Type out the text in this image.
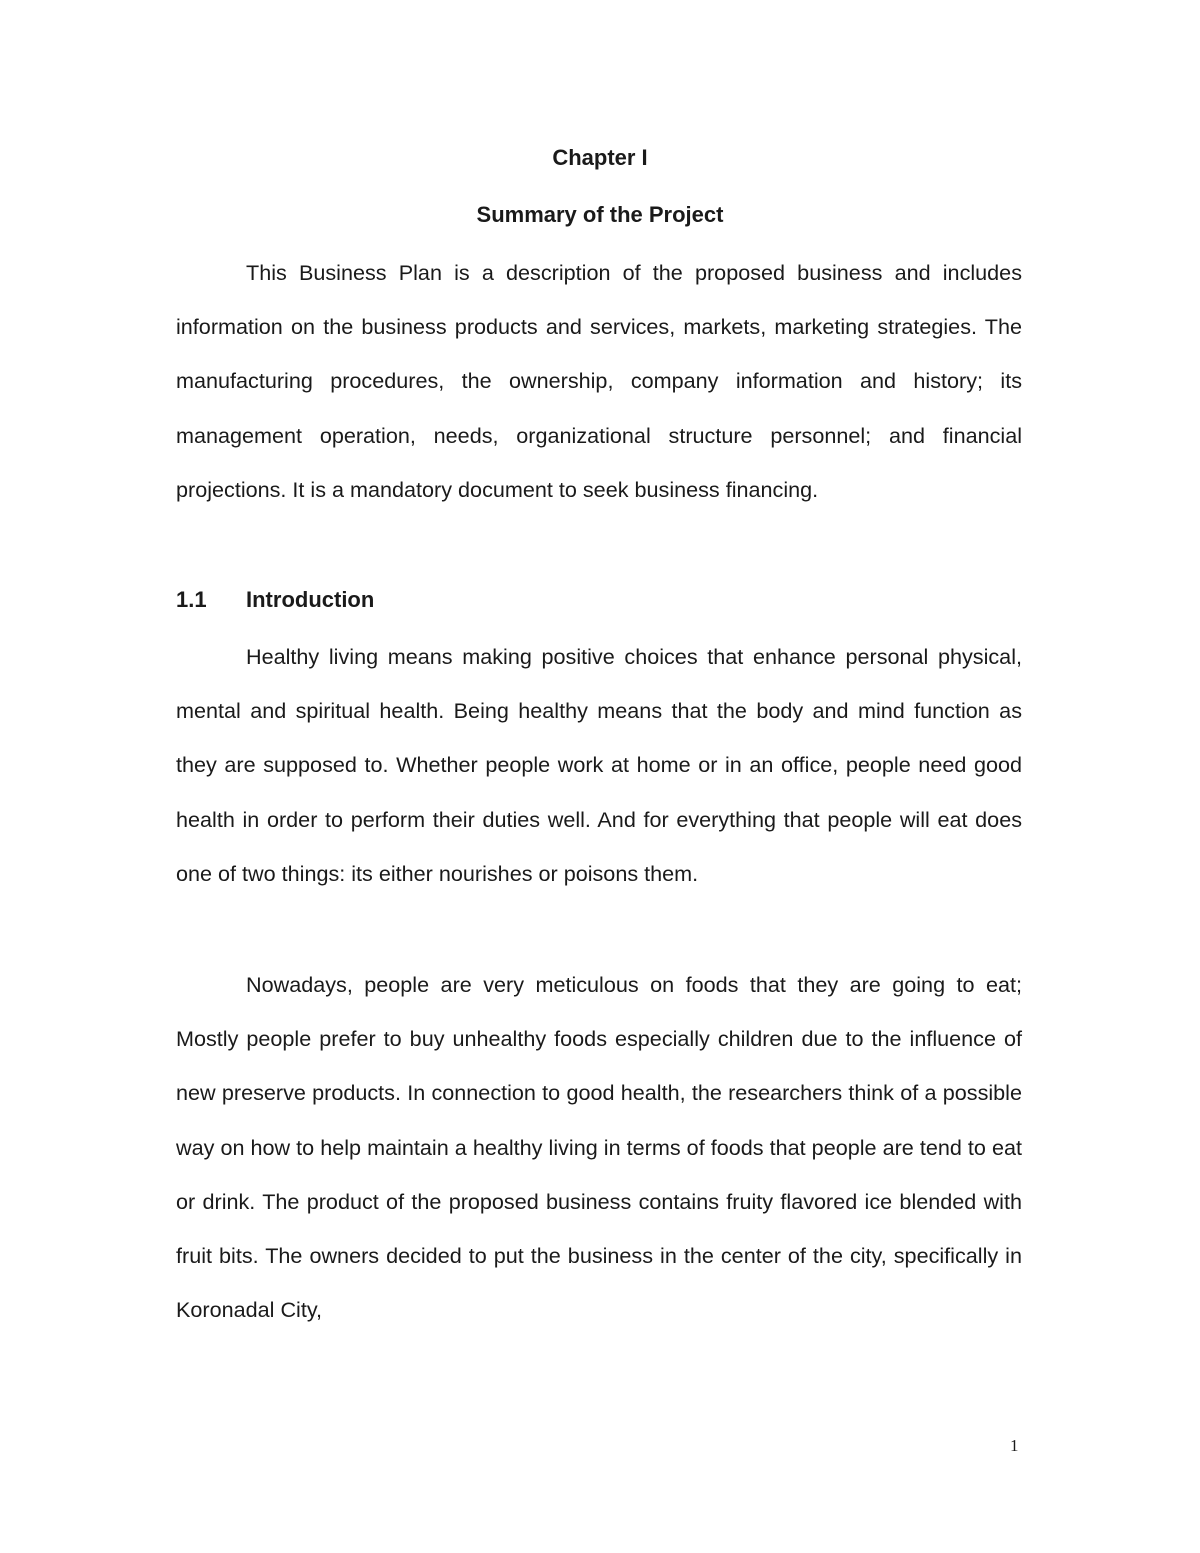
Chapter I
Summary of the Project

This Business Plan is a description of the proposed business and includes information on the business products and services, markets, marketing strategies. The manufacturing procedures, the ownership, company information and history; its management operation, needs, organizational structure personnel; and financial projections. It is a mandatory document to seek business financing.

1.1 Introduction

Healthy living means making positive choices that enhance personal physical, mental and spiritual health. Being healthy means that the body and mind function as they are supposed to. Whether people work at home or in an office, people need good health in order to perform their duties well. And for everything that people will eat does one of two things: its either nourishes or poisons them.

Nowadays, people are very meticulous on foods that they are going to eat; Mostly people prefer to buy unhealthy foods especially children due to the influence of new preserve products. In connection to good health, the researchers think of a possible way on how to help maintain a healthy living in terms of foods that people are tend to eat or drink. The product of the proposed business contains fruity flavored ice blended with fruit bits. The owners decided to put the business in the center of the city, specifically in Koronadal City,

1
